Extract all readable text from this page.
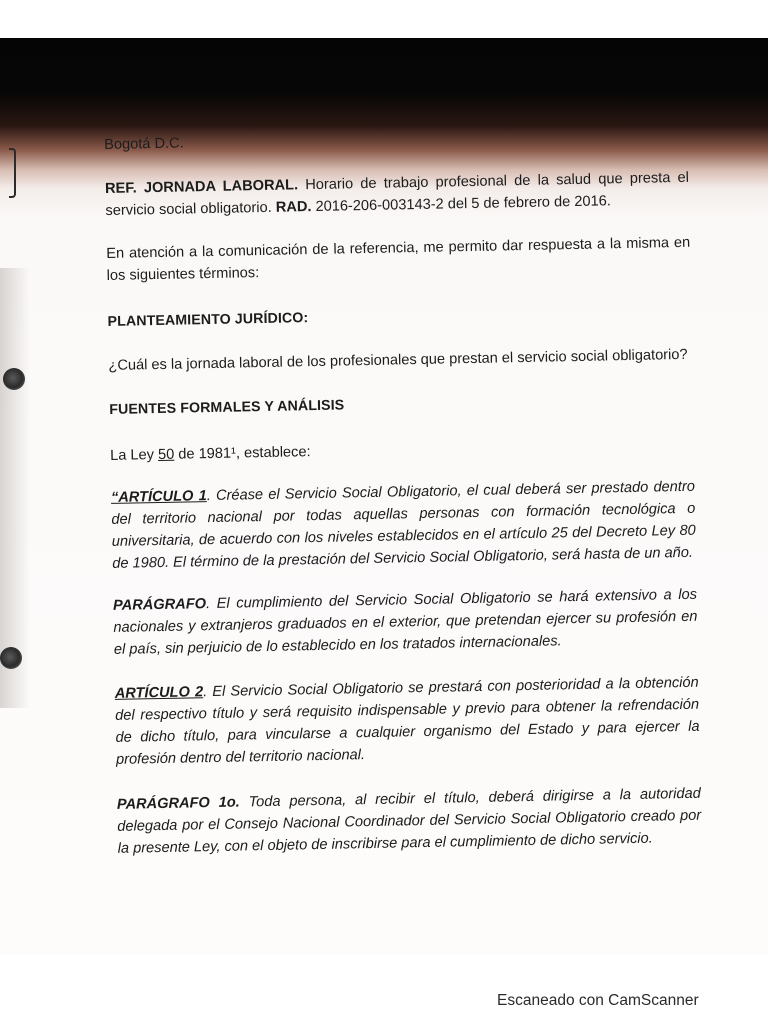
Bogotá D.C.

REF. JORNADA LABORAL. Horario de trabajo profesional de la salud que presta el servicio social obligatorio. RAD. 2016-206-003143-2 del 5 de febrero de 2016.

En atención a la comunicación de la referencia, me permito dar respuesta a la misma en los siguientes términos:

PLANTEAMIENTO JURÍDICO:

¿Cuál es la jornada laboral de los profesionales que prestan el servicio social obligatorio?

FUENTES FORMALES Y ANÁLISIS

La Ley 50 de 1981¹, establece:

“ARTÍCULO 1. Créase el Servicio Social Obligatorio, el cual deberá ser prestado dentro del territorio nacional por todas aquellas personas con formación tecnológica o universitaria, de acuerdo con los niveles establecidos en el artículo 25 del Decreto Ley 80 de 1980. El término de la prestación del Servicio Social Obligatorio, será hasta de un año.

PARÁGRAFO. El cumplimiento del Servicio Social Obligatorio se hará extensivo a los nacionales y extranjeros graduados en el exterior, que pretendan ejercer su profesión en el país, sin perjuicio de lo establecido en los tratados internacionales.

ARTÍCULO 2. El Servicio Social Obligatorio se prestará con posterioridad a la obtención del respectivo título y será requisito indispensable y previo para obtener la refrendación de dicho título, para vincularse a cualquier organismo del Estado y para ejercer la profesión dentro del territorio nacional.

PARÁGRAFO 1o. Toda persona, al recibir el título, deberá dirigirse a la autoridad delegada por el Consejo Nacional Coordinador del Servicio Social Obligatorio creado por la presente Ley, con el objeto de inscribirse para el cumplimiento de dicho servicio.

Escaneado con CamScanner
